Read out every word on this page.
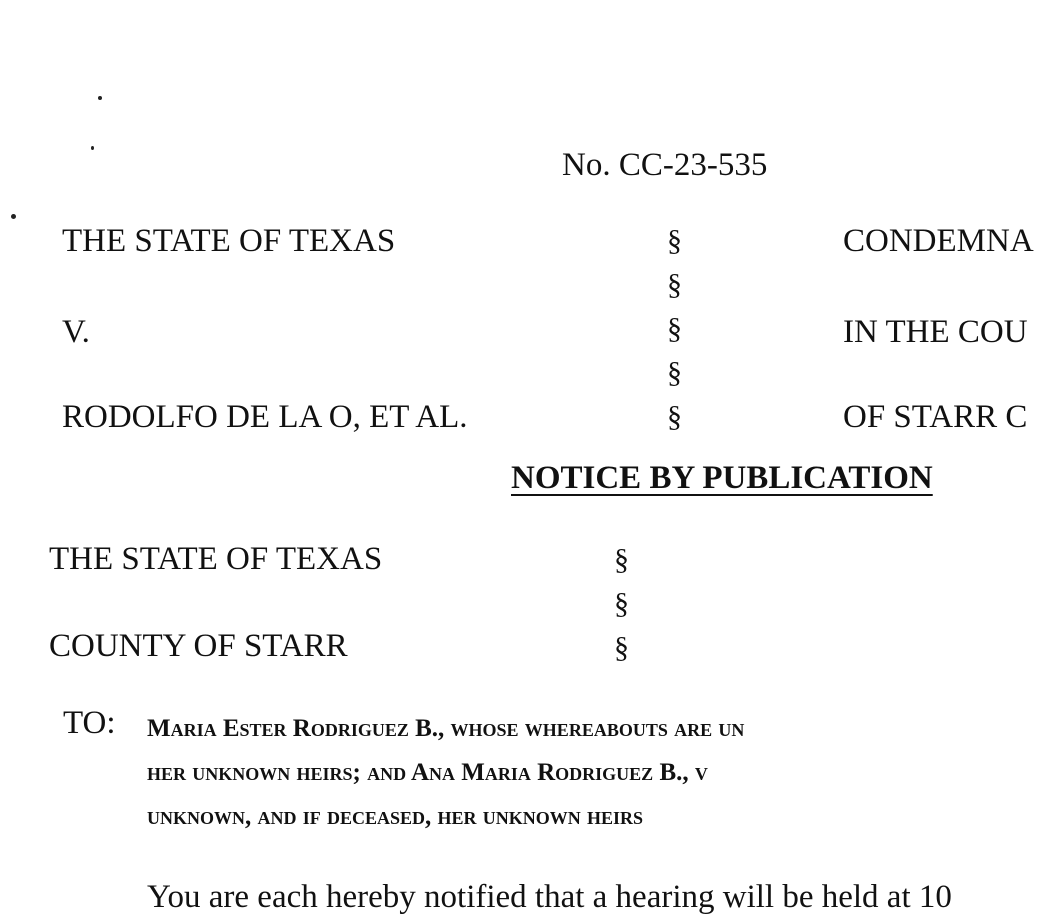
No. CC-23-535
THE STATE OF TEXAS
V.
RODOLFO DE LA O, ET AL.
§
§
§
§
§
CONDEMNA
IN THE COU
OF STARR C
NOTICE BY PUBLICATION
THE STATE OF TEXAS
COUNTY OF STARR
§
§
§
TO: Maria Ester Rodriguez B., whose whereabouts are un
her unknown heirs; and Ana Maria Rodriguez B., v
unknown, and if deceased, her unknown heirs
You are each hereby notified that a hearing will be held at 10
